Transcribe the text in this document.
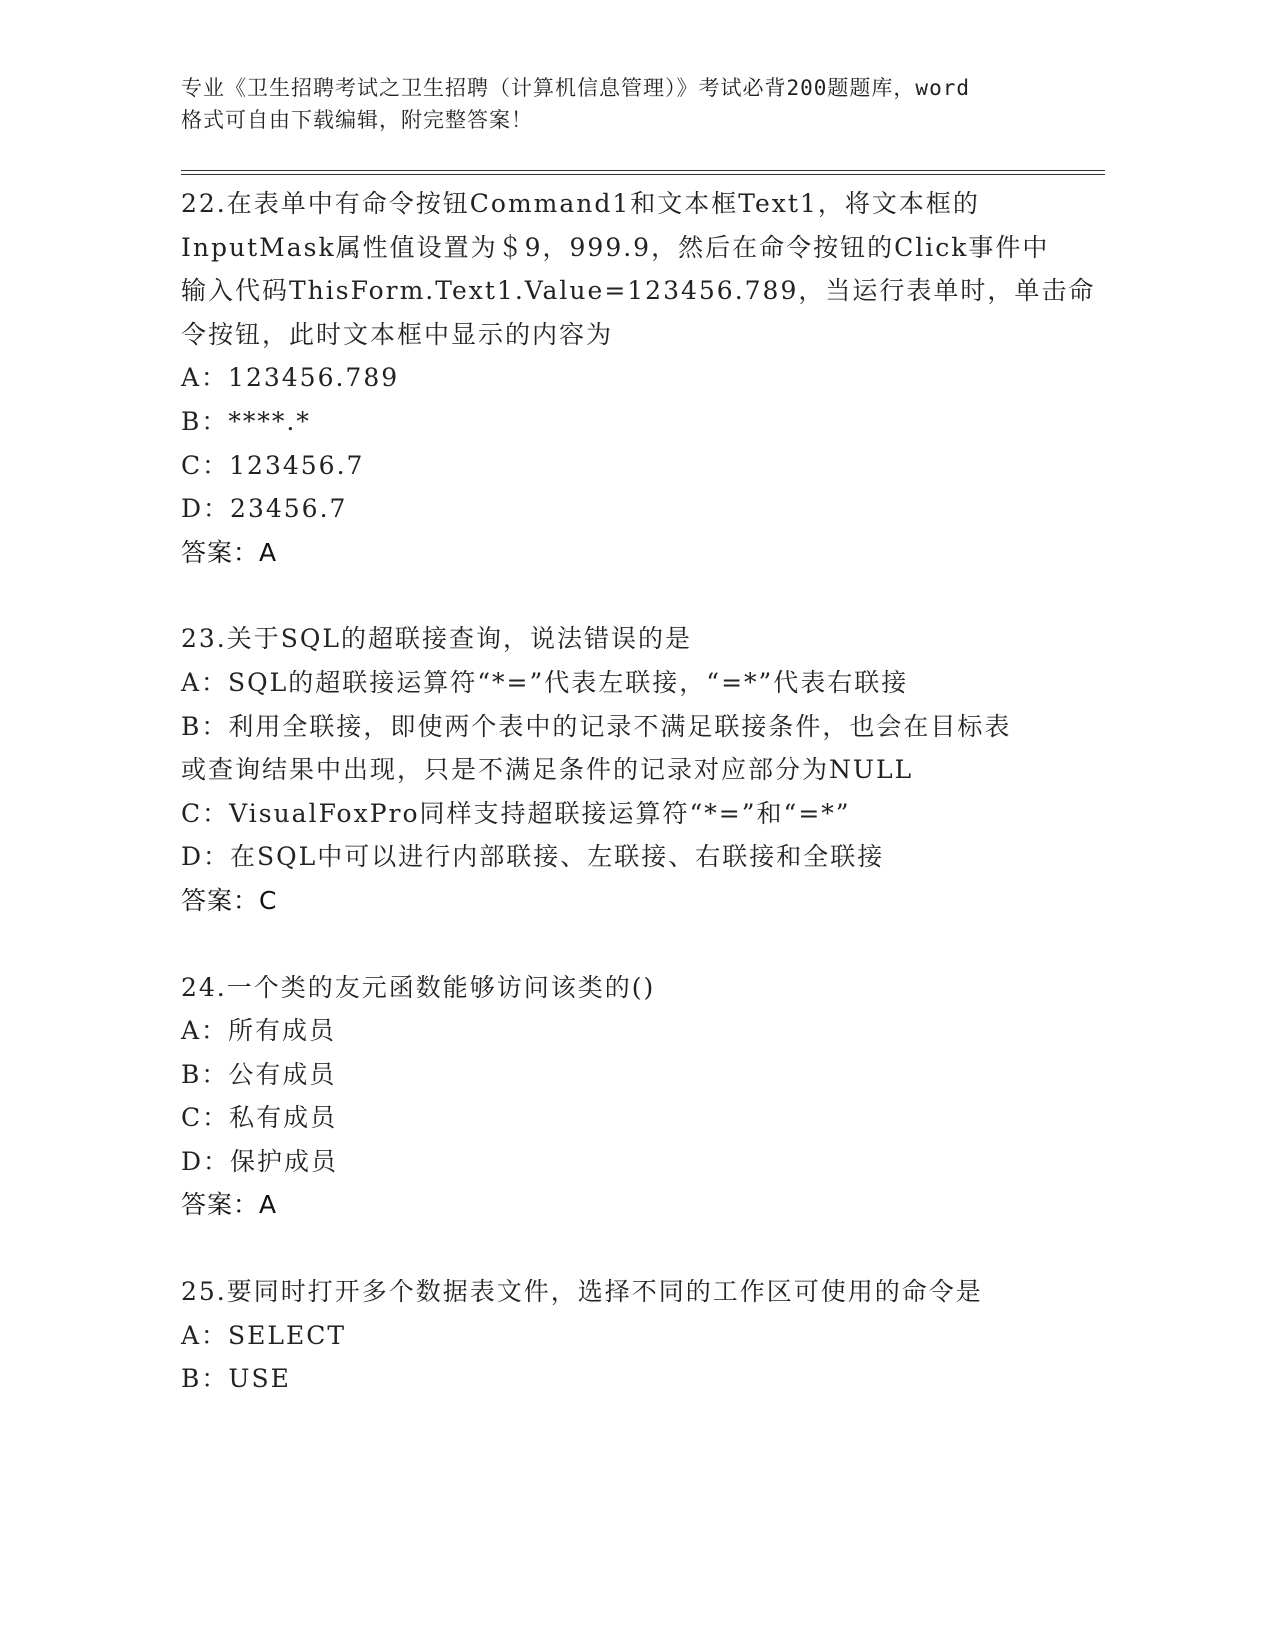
专业《卫生招聘考试之卫生招聘（计算机信息管理）》考试必背200题题库，word
格式可自由下载编辑，附完整答案！
22.在表单中有命令按钮Command1和文本框Text1，将文本框的
InputMask属性值设置为＄9，999.9，然后在命令按钮的Click事件中
输入代码ThisForm.Text1.Value=123456.789，当运行表单时，单击命
令按钮，此时文本框中显示的内容为
A：123456.789
B：****.*
C：123456.7
D：23456.7
答案：A
23.关于SQL的超联接查询，说法错误的是
A：SQL的超联接运算符“*=”代表左联接，“=*”代表右联接
B：利用全联接，即使两个表中的记录不满足联接条件，也会在目标表
或查询结果中出现，只是不满足条件的记录对应部分为NULL
C：VisualFoxPro同样支持超联接运算符“*=”和“=*”
D：在SQL中可以进行内部联接、左联接、右联接和全联接
答案：C
24.一个类的友元函数能够访问该类的()
A：所有成员
B：公有成员
C：私有成员
D：保护成员
答案：A
25.要同时打开多个数据表文件，选择不同的工作区可使用的命令是
A：SELECT
B：USE
